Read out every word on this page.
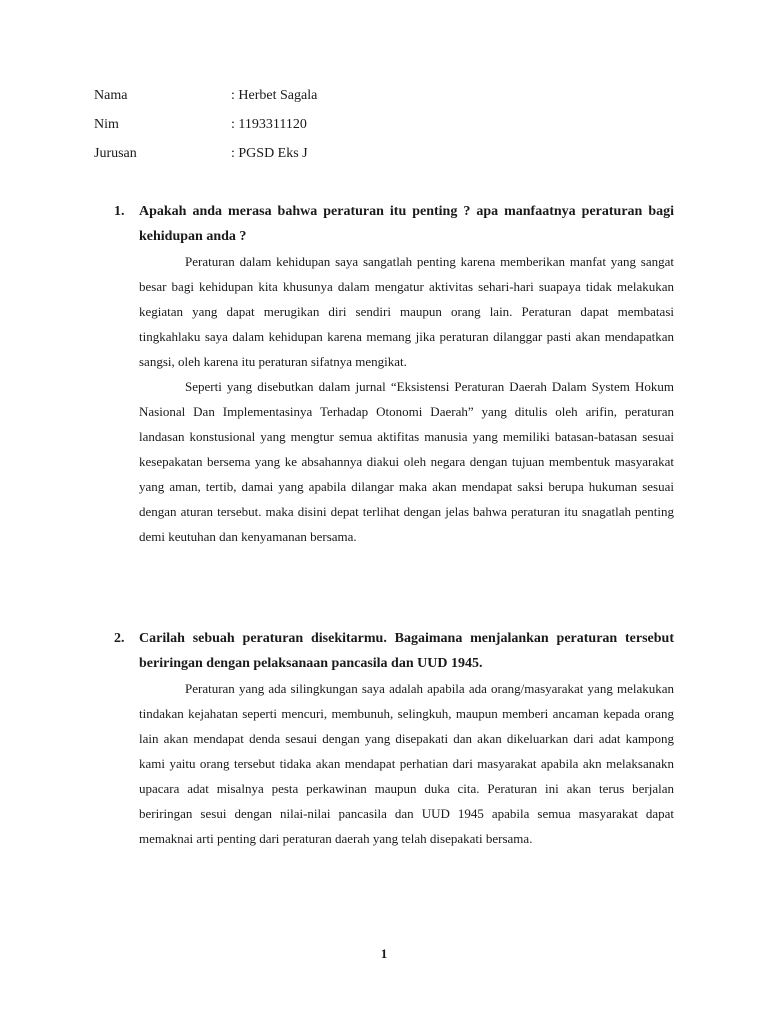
Nama	: Herbet Sagala
Nim	: 1193311120
Jurusan	: PGSD Eks J
1. Apakah anda merasa bahwa peraturan itu penting ? apa manfaatnya peraturan bagi kehidupan anda ?

Peraturan dalam kehidupan saya sangatlah penting karena memberikan manfat yang sangat besar bagi kehidupan kita khusunya dalam mengatur aktivitas sehari-hari suapaya tidak melakukan kegiatan yang dapat merugikan diri sendiri maupun orang lain. Peraturan dapat membatasi tingkahlaku saya dalam kehidupan karena memang jika peraturan dilanggar pasti akan mendapatkan sangsi, oleh karena itu peraturan sifatnya mengikat.

Seperti yang disebutkan dalam jurnal “Eksistensi Peraturan Daerah Dalam System Hokum Nasional Dan Implementasinya Terhadap Otonomi Daerah” yang ditulis oleh arifin, peraturan landasan konstusional yang mengtur semua aktifitas manusia yang memiliki batasan-batasan sesuai kesepakatan bersema yang ke absahannya diakui oleh negara dengan tujuan membentuk masyarakat yang aman, tertib, damai yang apabila dilangar maka akan mendapat saksi berupa hukuman sesuai dengan aturan tersebut. maka disini depat terlihat dengan jelas bahwa peraturan itu snagatlah penting demi keutuhan dan kenyamanan bersama.

2. Carilah sebuah peraturan disekitarmu. Bagaimana menjalankan peraturan tersebut beriringan dengan pelaksanaan pancasila dan UUD 1945.

Peraturan yang ada silingkungan saya adalah apabila ada orang/masyarakat yang melakukan tindakan kejahatan seperti mencuri, membunuh, selingkuh, maupun memberi ancaman kepada orang lain akan mendapat denda sesaui dengan yang disepakati dan akan dikeluarkan dari adat kampong kami yaitu orang tersebut tidaka akan mendapat perhatian dari masyarakat apabila akn melaksanakn upacara adat misalnya pesta perkawinan maupun duka cita. Peraturan ini akan terus berjalan beriringan sesui dengan nilai-nilai pancasila dan UUD 1945 apabila semua masyarakat dapat memaknai arti penting dari peraturan daerah yang telah disepakati bersama.

1
